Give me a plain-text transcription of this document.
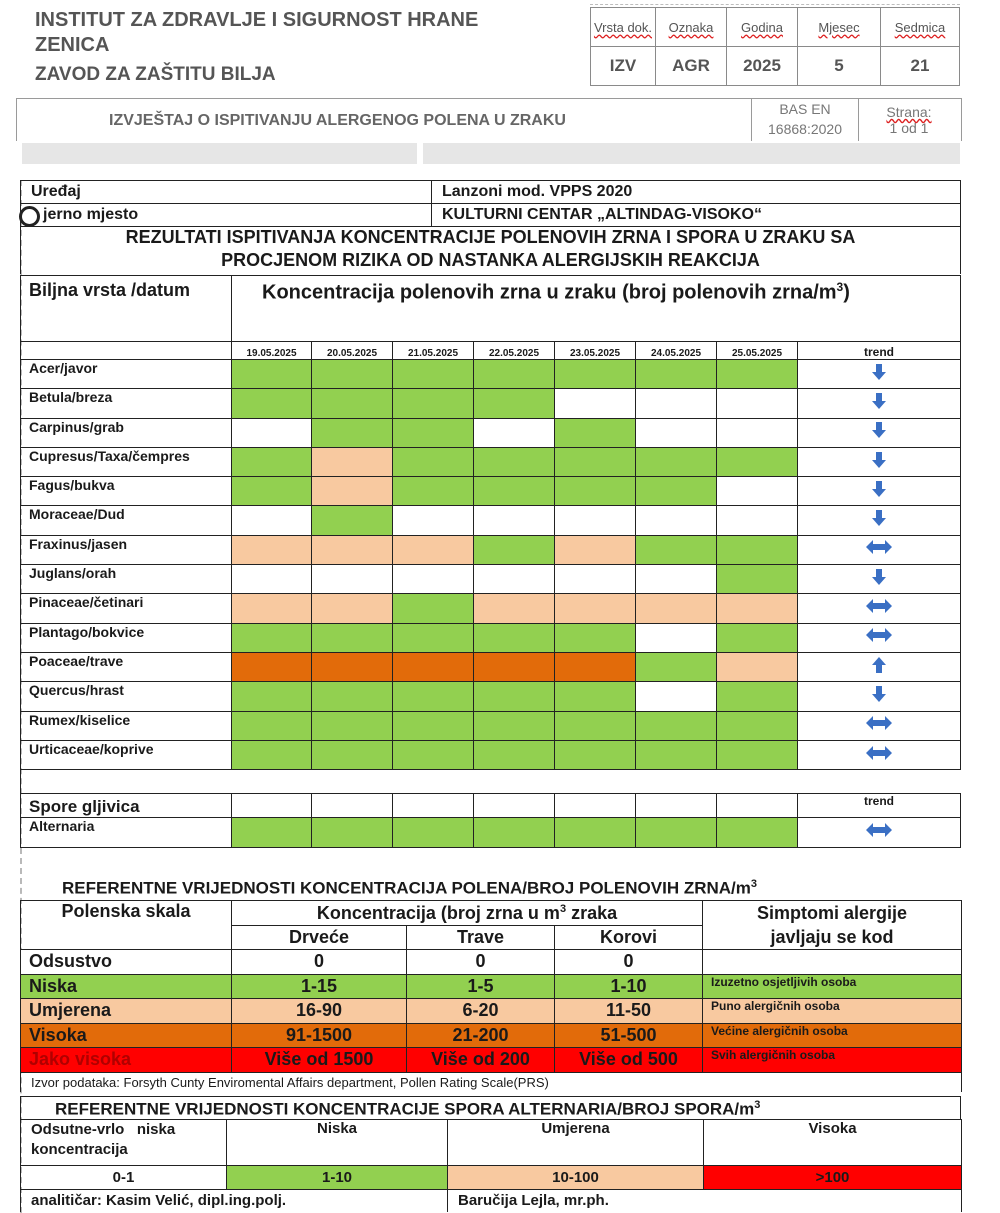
INSTITUT ZA ZDRAVLJE I SIGURNOST HRANE
ZENICA
ZAVOD ZA ZAŠTITU BILJA
Vrsta dok.	Oznaka	Godina	Mjesec	Sedmica
IZV	AGR	2025	5	21
IZVJEŠTAJ O ISPITIVANJU ALERGENOG POLENA U ZRAKU
BAS EN
16868:2020
Strana:
1 od 1
Uređaj	Lanzoni mod. VPPS 2020

jerno mjesto	KULTURNI CENTAR „ALTINDAG-VISOKO“
REZULTATI ISPITIVANJA KONCENTRACIJE POLENOVIH ZRNA I SPORA U ZRAKU SA
PROCJENOM RIZIKA OD NASTANKA ALERGIJSKIH REAKCIJA
Biljna vrsta /datum	Koncentracija polenovih zrna u zraku (broj polenovih zrna/$m^3$)							
	19.05.2025	20.05.2025	21.05.2025	22.05.2025	23.05.2025	24.05.2025	25.05.2025	trend
Acer/javor								
Betula/breza								
Carpinus/grab								
Cupresus/Taxa/čempres								
Fagus/bukva								
Moraceae/Dud								
Fraxinus/jasen								
Juglans/orah								
Pinaceae/četinari								
Plantago/bokvice								
Poaceae/trave								
Quercus/hrast								
Rumex/kiselice								
Urticaceae/koprive								

Spore gljivica								trend
Alternaria								
REFERENTNE VRIJEDNOSTI KONCENTRACIJA POLENA/BROJ POLENOVIH ZRNA/$m^3$
Polenska skala	Koncentracija (broj zrna u $m^3$ zraka			Simptomi alergije
javljaju se kod

	Drveće	Trave	Korovi	
Odsustvo	0	0	0	
Niska	1-15	1-5	1-10	Izuzetno osjetljivih osoba
Umjerena	16-90	6-20	11-50	Puno alergičnih osoba
Visoka	91-1500	21-200	51-500	Većine alergičnih osoba
Jako visoka	Više od 1500	Više od 200	Više od 500	Svih alergičnih osoba
Izvor podataka: Forsyth Cunty Enviromental Affairs department, Pollen Rating Scale(PRS)				
REFERENTNE VRIJEDNOSTI KONCENTRACIJE SPORA ALTERNARIA/BROJ SPORA/$m^3$
Odsutne-vrlo   niska
koncentracija	Niska	Umjerena	Visoka
0-1	1-10	10-100	>100
analitičar: Kasim Velić, dipl.ing.polj.		Baručija Lejla, mr.ph.	
